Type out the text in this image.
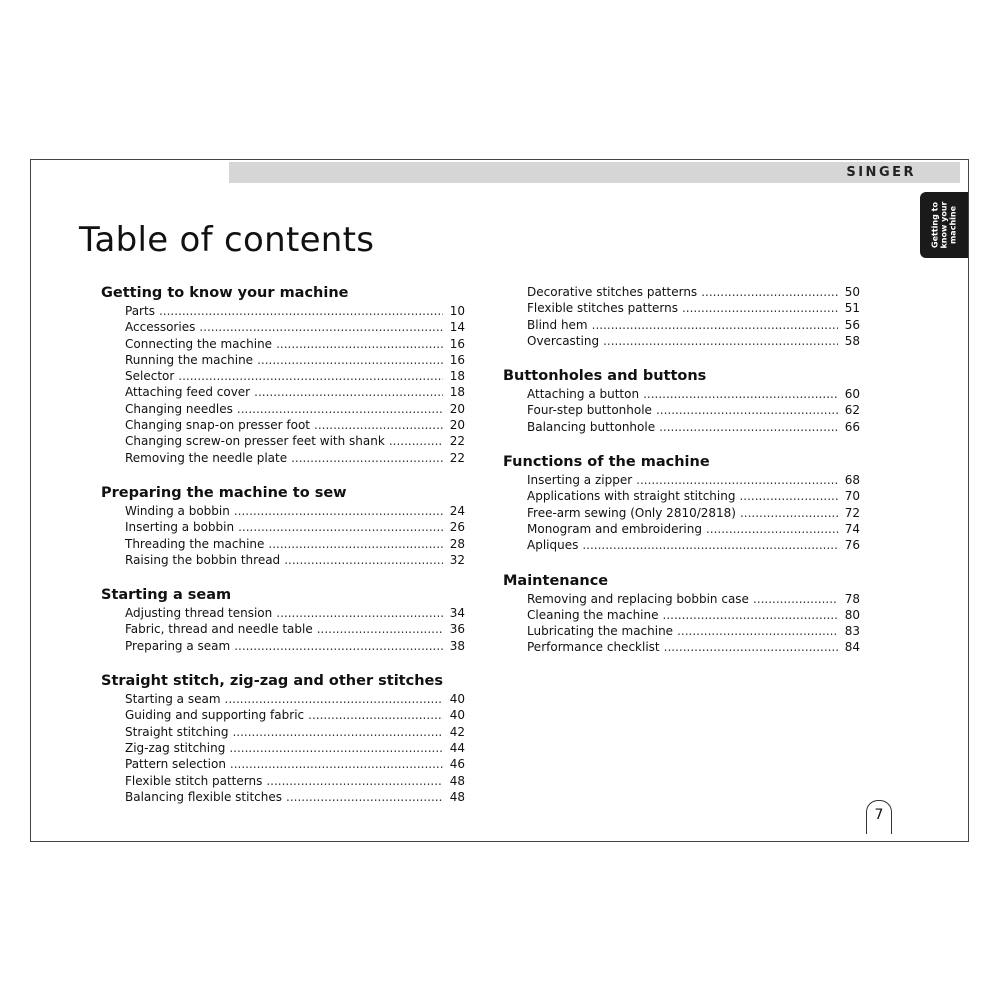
SINGER
Getting to
know your
machine
Table of contents
Getting to know your machine
Parts .....	10
Accessories .....	14
Connecting the machine .....	16
Running the machine .....	16
Selector .....	18
Attaching feed cover .....	18
Changing needles .....	20
Changing snap-on presser foot .....	20
Changing screw-on presser feet with shank .....	22
Removing the needle plate .....	22
Preparing the machine to sew
Winding a bobbin .....	24
Inserting a bobbin .....	26
Threading the machine .....	28
Raising the bobbin thread .....	32
Starting a seam
Adjusting thread tension .....	34
Fabric, thread and needle table .....	36
Preparing a seam .....	38
Straight stitch, zig-zag and other stitches
Starting a seam .....	40
Guiding and supporting fabric .....	40
Straight stitching .....	42
Zig-zag stitching .....	44
Pattern selection .....	46
Flexible stitch patterns .....	48
Balancing flexible stitches .....	48
Decorative stitches patterns .....	50
Flexible stitches patterns .....	51
Blind hem .....	56
Overcasting .....	58
Buttonholes and buttons
Attaching a button .....	60
Four-step buttonhole .....	62
Balancing buttonhole .....	66
Functions of the machine
Inserting a zipper .....	68
Applications with straight stitching .....	70
Free-arm sewing (Only 2810/2818) .....	72
Monogram and embroidering .....	74
Apliques .....	76
Maintenance
Removing and replacing bobbin case .....	78
Cleaning the machine .....	80
Lubricating the machine .....	83
Performance checklist .....	84
7
